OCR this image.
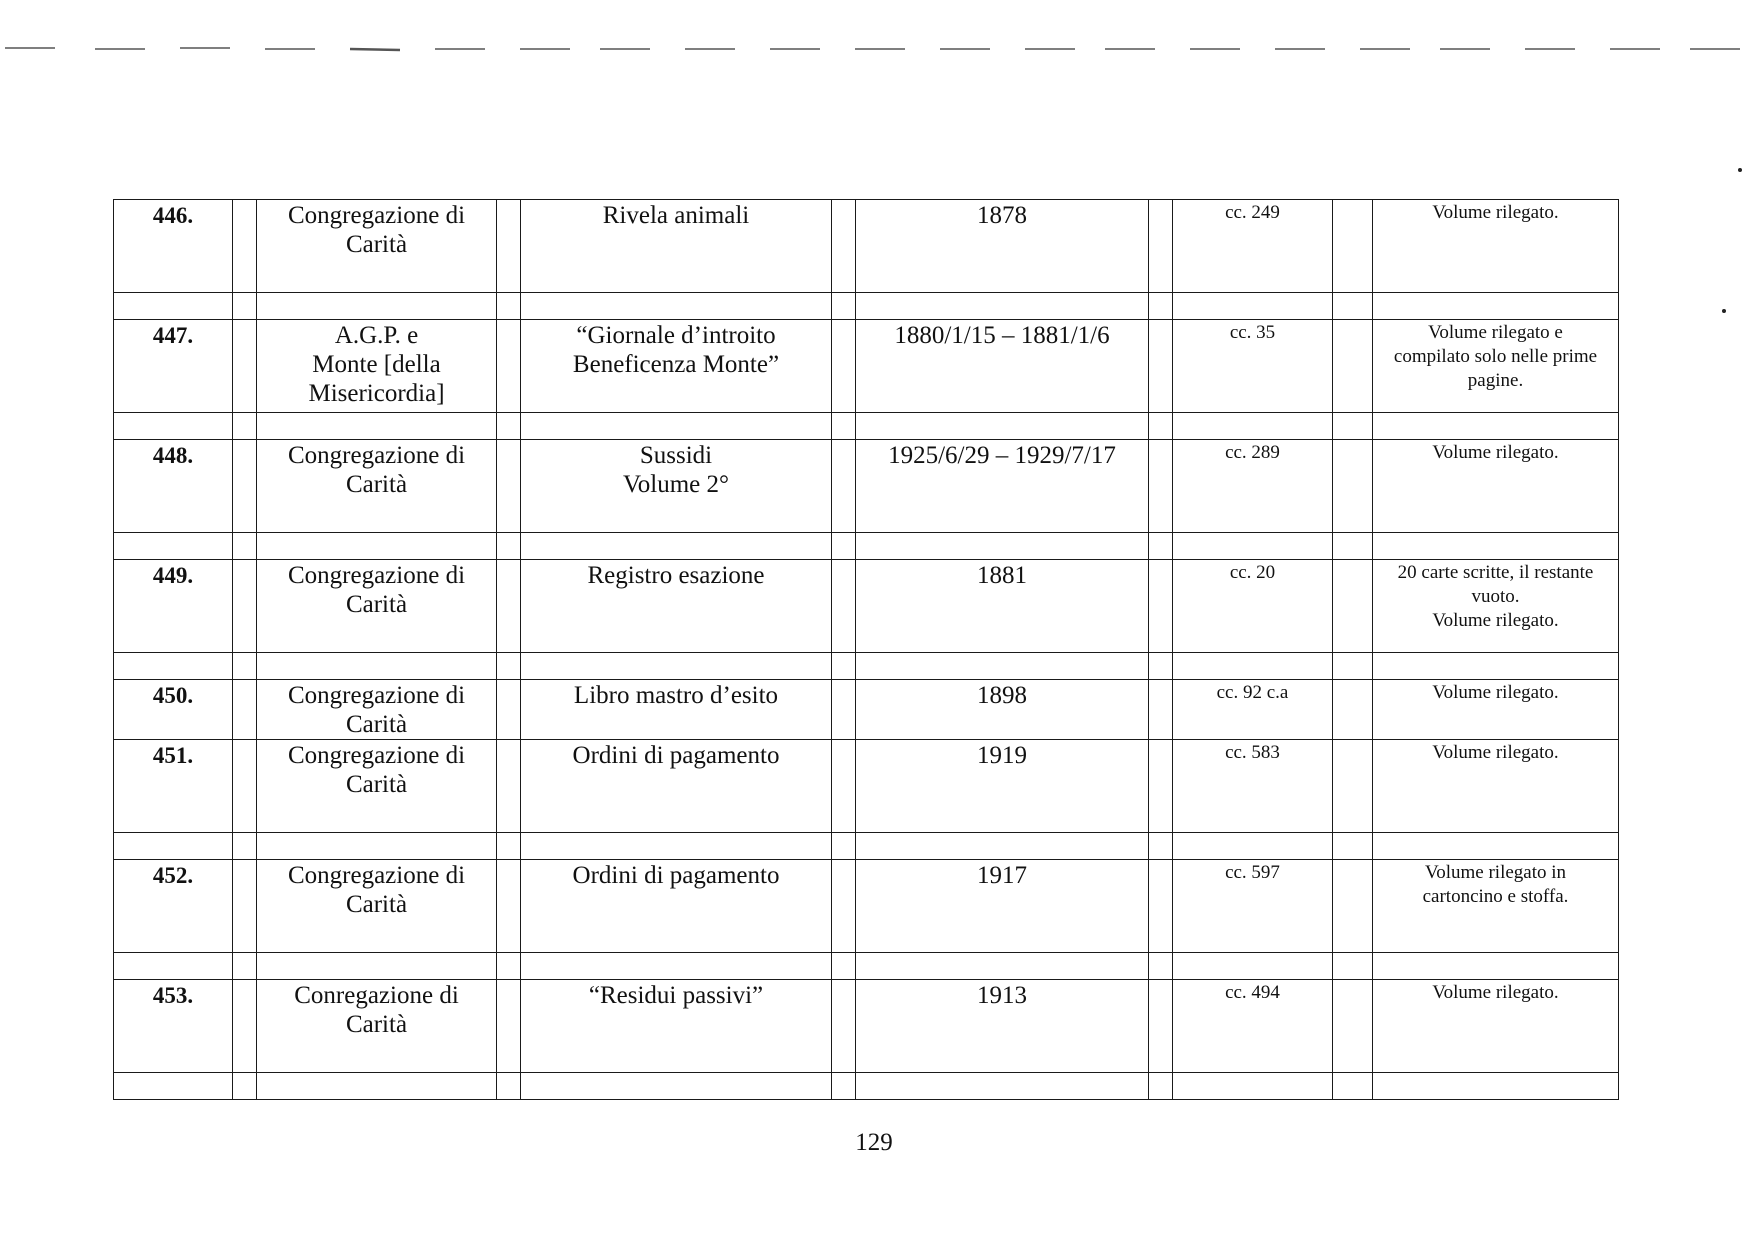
446.		Congregazione di
Carità		Rivela animali		1878		cc. 249		Volume rilegato.

447.		A.G.P. e
Monte [della
Misericordia]		“Giornale d’introito
Beneficenza Monte”		1880/1/15 – 1881/1/6		cc. 35		Volume rilegato e
compilato solo nelle prime
pagine.

448.		Congregazione di
Carità		Sussidi
Volume 2°		1925/6/29 – 1929/7/17		cc. 289		Volume rilegato.

449.		Congregazione di
Carità		Registro esazione		1881		cc. 20		20 carte scritte, il restante
vuoto.
Volume rilegato.

450.		Congregazione di
Carità		Libro mastro d’esito		1898		cc. 92 c.a		Volume rilegato.
451.		Congregazione di
Carità		Ordini di pagamento		1919		cc. 583		Volume rilegato.

452.		Congregazione di
Carità		Ordini di pagamento		1917		cc. 597		Volume rilegato in
cartoncino e stoffa.

453.		Conregazione di
Carità		“Residui passivi”		1913		cc. 494		Volume rilegato.

129
